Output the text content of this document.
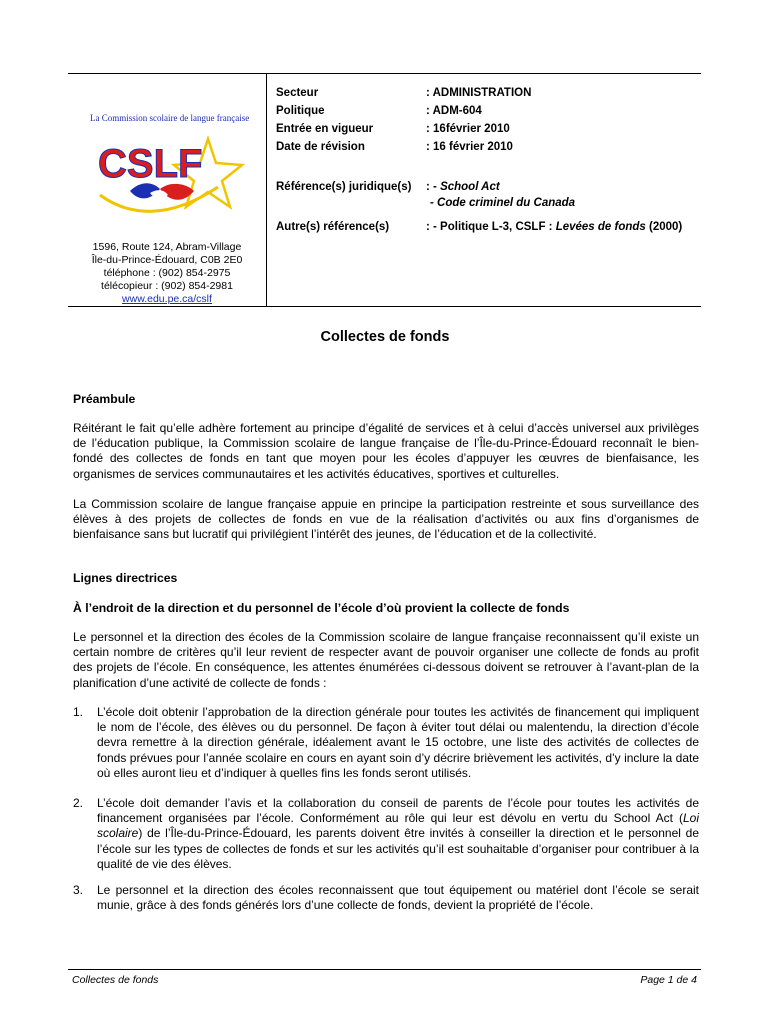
CSLF
La Commission scolaire de langue française
1596, Route 124, Abram-Village
Île-du-Prince-Édouard, C0B 2E0
téléphone : (902) 854-2975
télécopieur : (902) 854-2981
www.edu.pe.ca/cslf
Secteur	: ADMINISTRATION
Politique	: ADM-604
Entrée en vigueur	: 16février 2010
Date de révision	: 16 février 2010
Référence(s) juridique(s) : - School Act
- Code criminel du Canada
Autre(s) référence(s)	: - Politique L-3, CSLF : Levées de fonds (2000)
Collectes de fonds
Préambule
Réitérant le fait qu’elle adhère fortement au principe d’égalité de services et à celui d’accès universel aux privilèges de l’éducation publique, la Commission scolaire de langue française de l’Île-du-Prince-Édouard reconnaît le bien-fondé des collectes de fonds en tant que moyen pour les écoles d’appuyer les œuvres de bienfaisance, les organismes de services communautaires et les activités éducatives, sportives et culturelles.
La Commission scolaire de langue française appuie en principe la participation restreinte et sous surveillance des élèves à des projets de collectes de fonds en vue de la réalisation d’activités ou aux fins d’organismes de bienfaisance sans but lucratif qui privilégient l’intérêt des jeunes, de l’éducation et de la collectivité.
Lignes directrices
À l’endroit de la direction et du personnel de l’école d’où provient la collecte de fonds
Le personnel et la direction des écoles de la Commission scolaire de langue française reconnaissent qu’il existe un certain nombre de critères qu’il leur revient de respecter avant de pouvoir organiser une collecte de fonds au profit des projets de l’école. En conséquence, les attentes énumérées ci-dessous doivent se retrouver à l’avant-plan de la planification d’une activité de collecte de fonds :
1. L’école doit obtenir l’approbation de la direction générale pour toutes les activités de financement qui impliquent le nom de l’école, des élèves ou du personnel. De façon à éviter tout délai ou malentendu, la direction d’école devra remettre à la direction générale, idéalement avant le 15 octobre, une liste des activités de collectes de fonds prévues pour l’année scolaire en cours en ayant soin d’y décrire brièvement les activités, d’y inclure la date où elles auront lieu et d’indiquer à quelles fins les fonds seront utilisés.
2. L’école doit demander l’avis et la collaboration du conseil de parents de l’école pour toutes les activités de financement organisées par l’école. Conformément au rôle qui leur est dévolu en vertu du School Act (Loi scolaire) de l’Île-du-Prince-Édouard, les parents doivent être invités à conseiller la direction et le personnel de l’école sur les types de collectes de fonds et sur les activités qu’il est souhaitable d’organiser pour contribuer à la qualité de vie des élèves.
3. Le personnel et la direction des écoles reconnaissent que tout équipement ou matériel dont l’école se serait munie, grâce à des fonds générés lors d’une collecte de fonds, devient la propriété de l’école.
Collectes de fonds	Page 1 de 4
